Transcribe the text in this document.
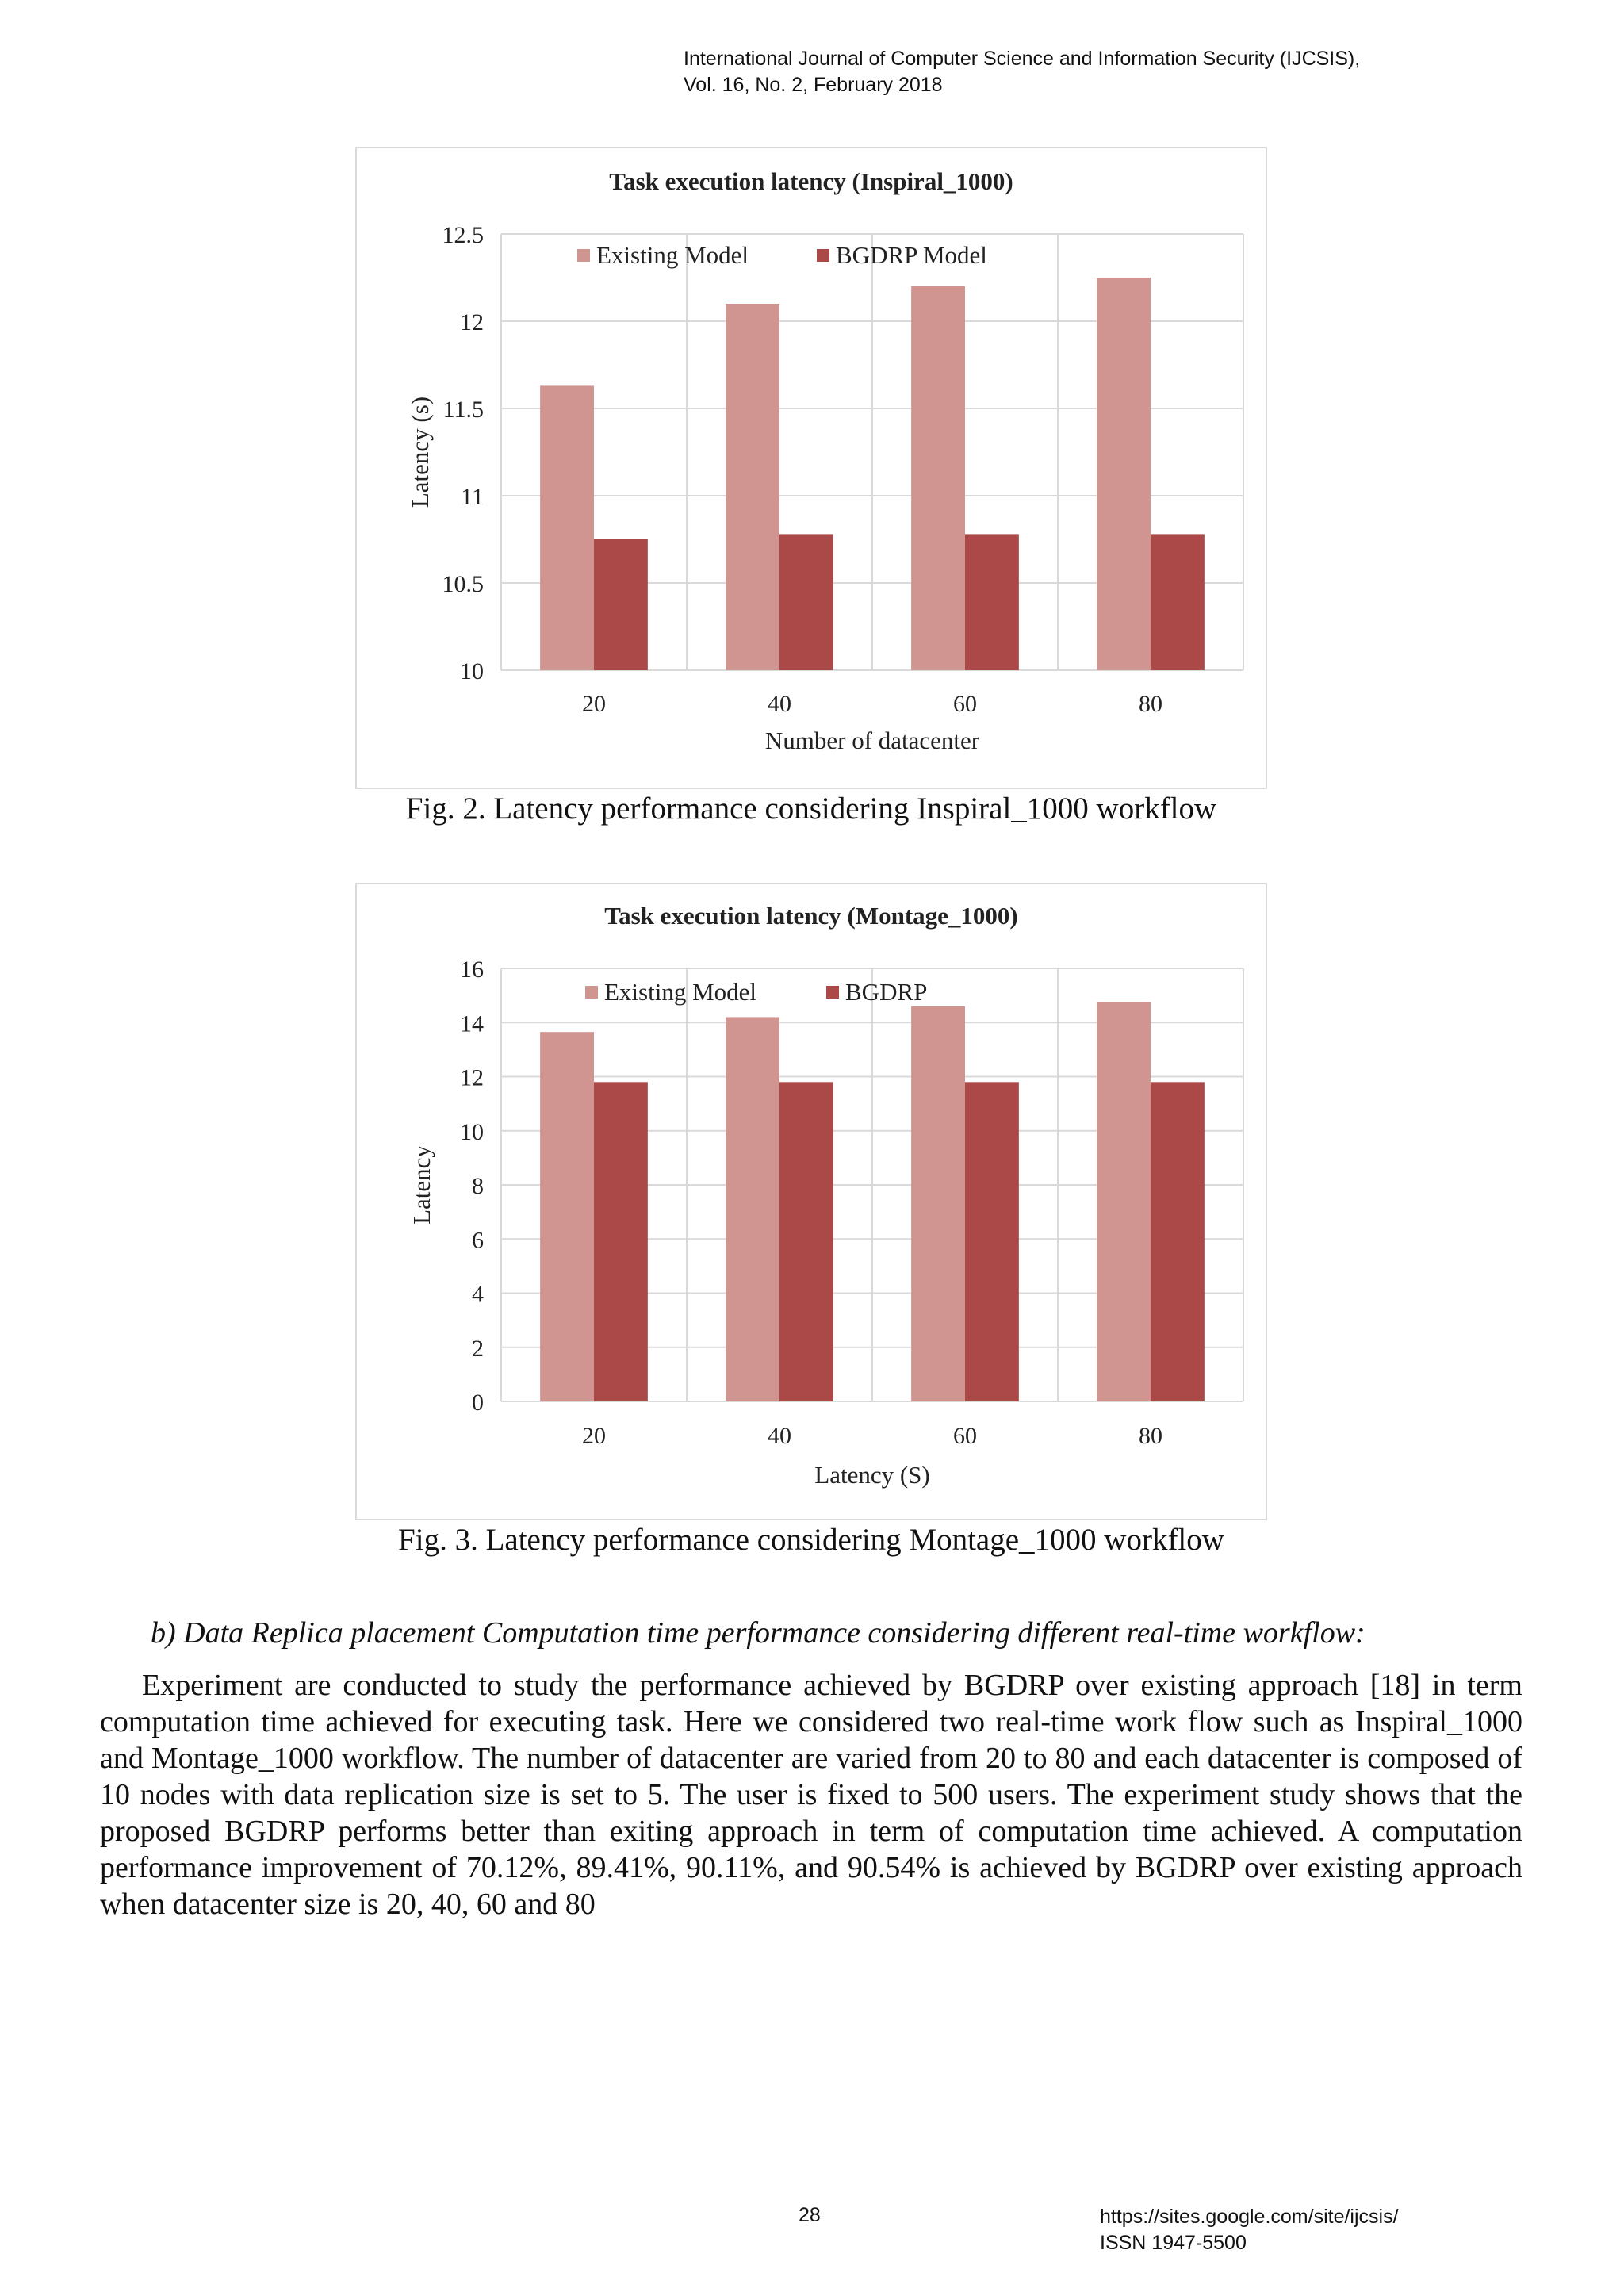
International Journal of Computer Science and Information Security (IJCSIS),
Vol. 16, No. 2, February 2018
Task execution latency (Inspiral_1000)
10
10.5
11
11.5
12
12.5
20	40	60	80
Number of datacenter
Latency (s)
Existing Model	BGDRP Model
Fig. 2. Latency performance considering Inspiral_1000 workflow
Task execution latency (Montage_1000)
0
2
4
6
8
10
12
14
16
20	40	60	80
Latency (S)
Latency
Existing Model	BGDRP
Fig. 3. Latency performance considering Montage_1000 workflow
b) Data Replica placement Computation time performance considering different real-time workflow:
Experiment are conducted to study the performance achieved by BGDRP over existing approach [18] in term computation time achieved for executing task. Here we considered two real-time work flow such as Inspiral_1000 and Montage_1000 workflow. The number of datacenter are varied from 20 to 80 and each datacenter is composed of 10 nodes with data replication size is set to 5. The user is fixed to 500 users. The experiment study shows that the proposed BGDRP performs better than exiting approach in term of computation time achieved. A computation performance improvement of 70.12%, 89.41%, 90.11%, and 90.54% is achieved by BGDRP over existing approach when datacenter size is 20, 40, 60 and 80
28	https://sites.google.com/site/ijcsis/
ISSN 1947-5500
